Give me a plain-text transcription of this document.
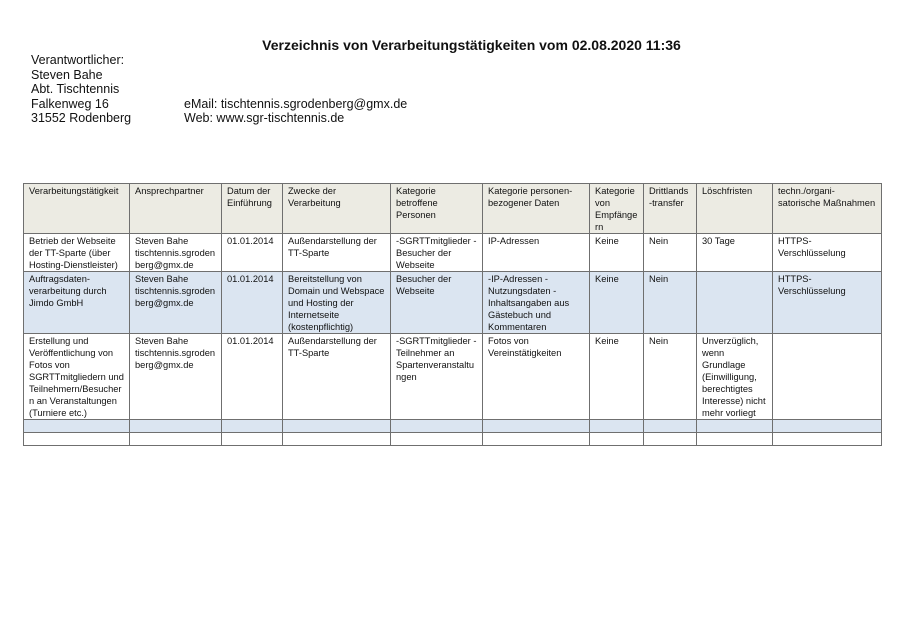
Verzeichnis von Verarbeitungstätigkeiten vom 02.08.2020 11:36
Verantwortlicher:
Steven Bahe
Abt. Tischtennis
Falkenweg 16	eMail: tischtennis.sgrodenberg@gmx.de
31552 Rodenberg	Web: www.sgr-tischtennis.de
Verarbeitungstätigkeit	Ansprechpartner	Datum der Einführung	Zwecke der Verarbeitung	Kategorie betroffene Personen	Kategorie personen-bezogener Daten	Kategorie von Empfänge rn	Drittlands -transfer	Löschfristen	techn./organi-satorische Maßnahmen
Betrieb der Webseite der TT-Sparte (über Hosting-Dienstleister)	Steven Bahe tischtennis.sgroden berg@gmx.de	01.01.2014	Außendarstellung der TT-Sparte	-SGRTTmitglieder -Besucher der Webseite	IP-Adressen	Keine	Nein	30 Tage	HTTPS-Verschlüsselung
Auftragsdaten-verarbeitung durch Jimdo GmbH	Steven Bahe tischtennis.sgroden berg@gmx.de	01.01.2014	Bereitstellung von Domain und Webspace und Hosting der Internetseite (kostenpflichtig)	Besucher der Webseite	-IP-Adressen -Nutzungsdaten -Inhaltsangaben aus Gästebuch und Kommentaren	Keine	Nein		HTTPS-Verschlüsselung
Erstellung und Veröffentlichung von Fotos von SGRTTmitgliedern und Teilnehmern/Besuchern an Veranstaltungen (Turniere etc.)	Steven Bahe tischtennis.sgroden berg@gmx.de	01.01.2014	Außendarstellung der TT-Sparte	-SGRTTmitglieder -Teilnehmer an Spartenveranstaltu ngen	Fotos von Vereinstätigkeiten	Keine	Nein	Unverzüglich, wenn Grundlage (Einwilligung, berechtigtes Interesse) nicht mehr vorliegt	
